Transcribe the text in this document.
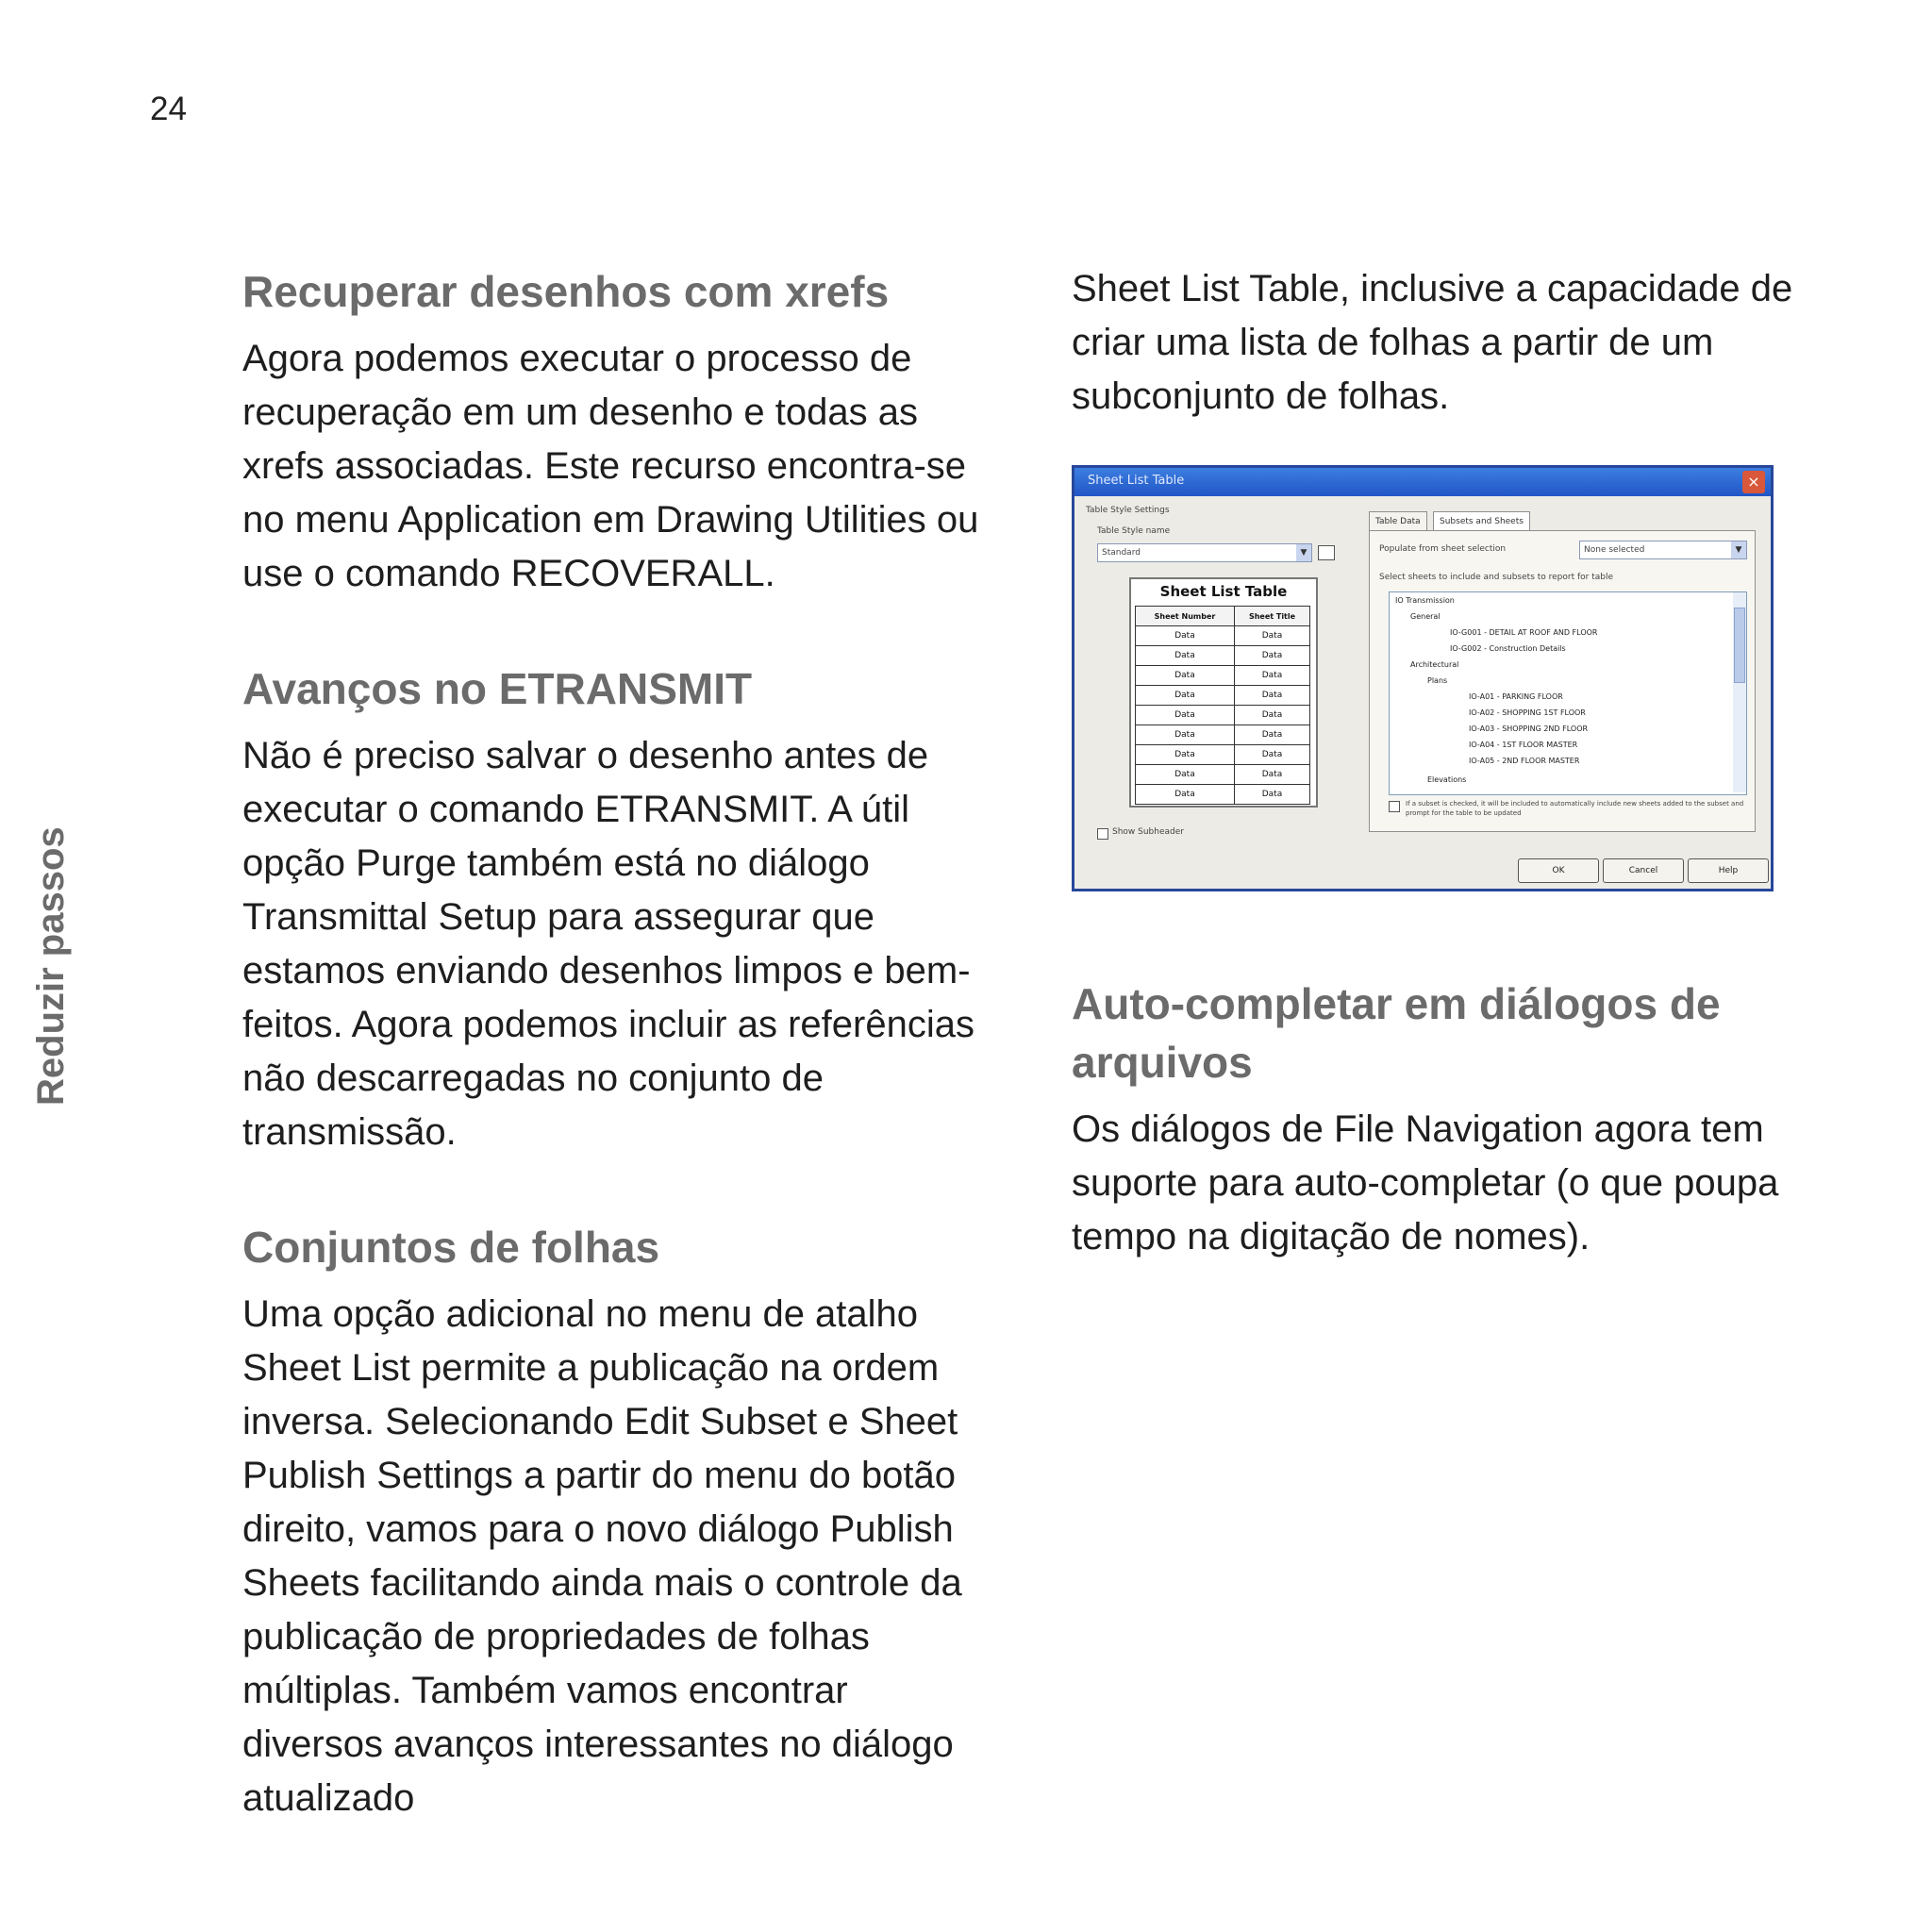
24
Reduzir passos
Recuperar desenhos com xrefs

Agora podemos executar o processo de recuperação em um desenho e todas as xrefs associadas. Este recurso encontra-se no menu Application em Drawing Utilities ou use o comando RECOVERALL.

Avanços no ETRANSMIT

Não é preciso salvar o desenho antes de executar o comando ETRANSMIT. A útil opção Purge também está no diálogo Transmittal Setup para assegurar que estamos enviando desenhos limpos e bem-feitos. Agora podemos incluir as referências não descarregadas no conjunto de transmissão.

Conjuntos de folhas

Uma opção adicional no menu de atalho Sheet List permite a publicação na ordem inversa. Selecionando Edit Subset e Sheet Publish Settings a partir do menu do botão direito, vamos para o novo diálogo Publish Sheets facilitando ainda mais o controle da publicação de propriedades de folhas múltiplas. Também vamos encontrar diversos avanços interessantes no diálogo atualizado

Sheet List Table, inclusive a capacidade de criar uma lista de folhas a partir de um subconjunto de folhas.

Sheet List Table	×
Table Style Settings
Table Style name
Standard	▼
Sheet List Table
Sheet Number	Sheet Title
Data	Data
Data	Data
Data	Data
Data	Data
Data	Data
Data	Data
Data	Data
Data	Data
Data	Data
Show Subheader
Table Data	Subsets and Sheets
Populate from sheet selection	None selected	▼
Select sheets to include and subsets to report for table
IO Transmission
General
IO-G001 - DETAIL AT ROOF AND FLOOR
IO-G002 - Construction Details
Architectural
Plans
IO-A01 - PARKING FLOOR
IO-A02 - SHOPPING 1ST FLOOR
IO-A03 - SHOPPING 2ND FLOOR
IO-A04 - 1ST FLOOR MASTER
IO-A05 - 2ND FLOOR MASTER
Elevations
If a subset is checked, it will be included to automatically include new sheets added to the subset and prompt for the table to be updated
OK	Cancel	Help
Auto-completar em diálogos de arquivos

Os diálogos de File Navigation agora tem suporte para auto-completar (o que poupa tempo na digitação de nomes).
